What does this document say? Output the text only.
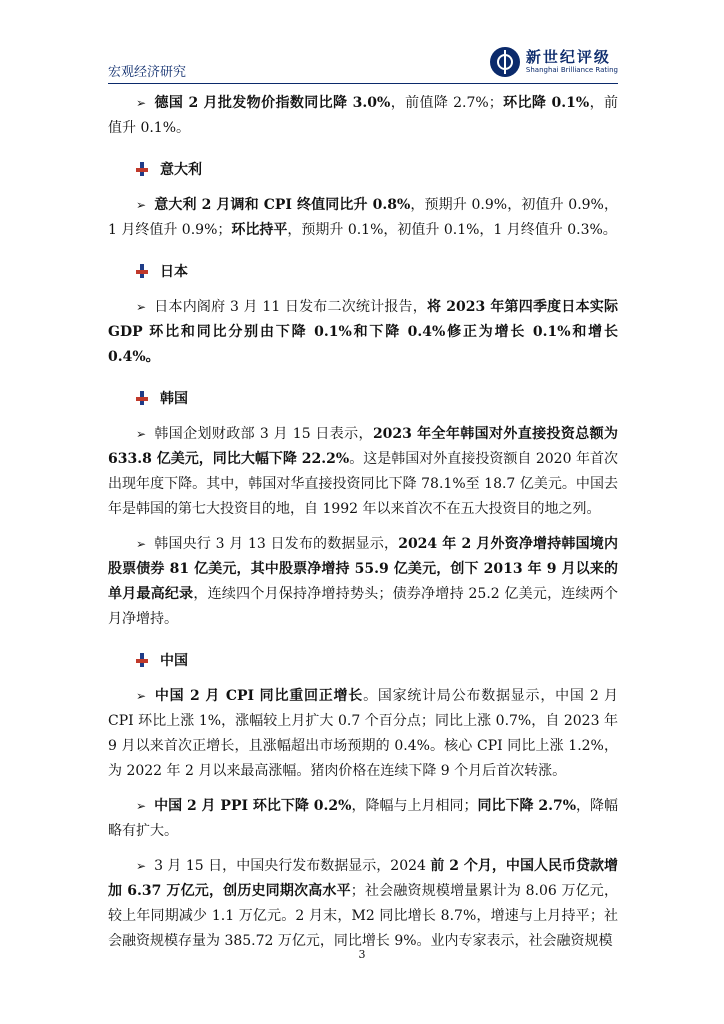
宏观经济研究
新世纪评级
Shanghai Brilliance Rating

➢ 德国 2 月批发物价指数同比降 3.0%，前值降 2.7%；环比降 0.1%，前值升 0.1%。

意大利

➢ 意大利 2 月调和 CPI 终值同比升 0.8%，预期升 0.9%，初值升 0.9%，1 月终值升 0.9%；环比持平，预期升 0.1%，初值升 0.1%，1 月终值升 0.3%。

日本

➢ 日本内阁府 3 月 11 日发布二次统计报告，将 2023 年第四季度日本实际 GDP 环比和同比分别由下降 0.1%和下降 0.4%修正为增长 0.1%和增长 0.4%。

韩国

➢ 韩国企划财政部 3 月 15 日表示，2023 年全年韩国对外直接投资总额为 633.8 亿美元，同比大幅下降 22.2%。这是韩国对外直接投资额自 2020 年首次出现年度下降。其中，韩国对华直接投资同比下降 78.1%至 18.7 亿美元。中国去年是韩国的第七大投资目的地，自 1992 年以来首次不在五大投资目的地之列。

➢ 韩国央行 3 月 13 日发布的数据显示，2024 年 2 月外资净增持韩国境内股票债券 81 亿美元，其中股票净增持 55.9 亿美元，创下 2013 年 9 月以来的单月最高纪录，连续四个月保持净增持势头；债券净增持 25.2 亿美元，连续两个月净增持。

中国

➢ 中国 2 月 CPI 同比重回正增长。国家统计局公布数据显示，中国 2 月 CPI 环比上涨 1%，涨幅较上月扩大 0.7 个百分点；同比上涨 0.7%，自 2023 年 9 月以来首次正增长，且涨幅超出市场预期的 0.4%。核心 CPI 同比上涨 1.2%，为 2022 年 2 月以来最高涨幅。猪肉价格在连续下降 9 个月后首次转涨。

➢ 中国 2 月 PPI 环比下降 0.2%，降幅与上月相同；同比下降 2.7%，降幅略有扩大。

➢ 3 月 15 日，中国央行发布数据显示，2024 前 2 个月，中国人民币贷款增加 6.37 万亿元，创历史同期次高水平；社会融资规模增量累计为 8.06 万亿元，较上年同期减少 1.1 万亿元。2 月末，M2 同比增长 8.7%，增速与上月持平；社会融资规模存量为 385.72 万亿元，同比增长 9%。业内专家表示，社会融资规模

3
